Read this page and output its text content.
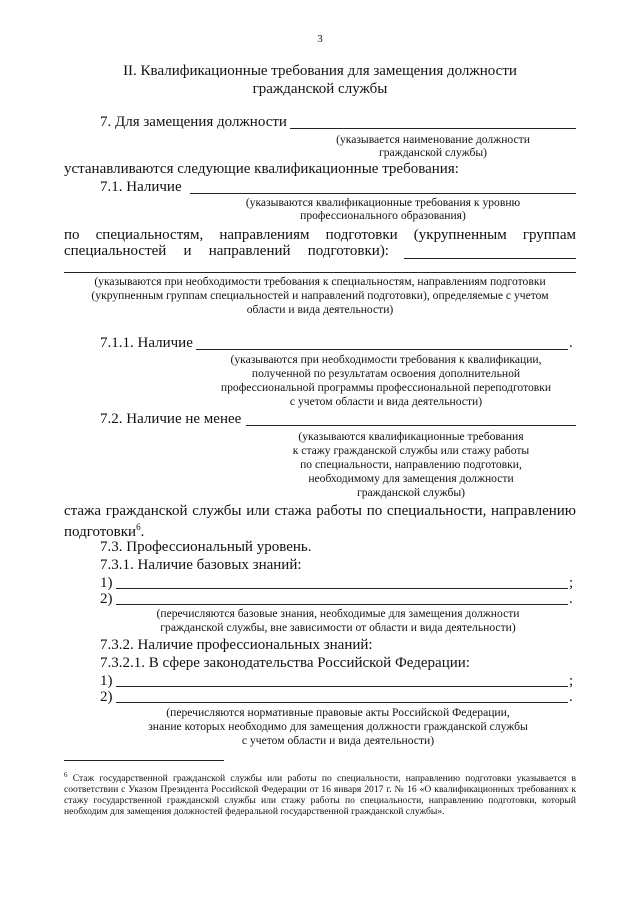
3
II. Квалификационные требования для замещения должности
гражданской службы
7. Для замещения должности
(указывается наименование должности
гражданской службы)
устанавливаются следующие квалификационные требования:
7.1. Наличие
(указываются квалификационные требования к уровню
профессионального образования)
по специальностям, направлениям подготовки (укрупненным группам
специальностей и направлений подготовки):
(указываются при необходимости требования к специальностям, направлениям подготовки
(укрупненным группам специальностей и направлений подготовки), определяемые с учетом
области и вида деятельности)
7.1.1. Наличие	.
(указываются при необходимости требования к квалификации,
полученной по результатам освоения дополнительной
профессиональной программы профессиональной переподготовки
с учетом области и вида деятельности)
7.2. Наличие не менее
(указываются квалификационные требования
к стажу гражданской службы или стажу работы
по специальности, направлению подготовки,
необходимому для замещения должности
гражданской службы)
стажа гражданской службы или стажа работы по специальности, направлению
подготовки$^6$.
7.3. Профессиональный уровень.
7.3.1. Наличие базовых знаний:
1)	;
2)	.
(перечисляются базовые знания, необходимые для замещения должности
гражданской службы, вне зависимости от области и вида деятельности)
7.3.2. Наличие профессиональных знаний:
7.3.2.1. В сфере законодательства Российской Федерации:
1)	;
2)	.
(перечисляются нормативные правовые акты Российской Федерации,
знание которых необходимо для замещения должности гражданской службы
с учетом области и вида деятельности)
$^6$ Стаж государственной гражданской службы или работы по специальности, направлению подготовки указывается в соответствии с Указом Президента Российской Федерации от 16 января 2017 г. № 16 «О квалификационных требованиях к стажу государственной гражданской службы или стажу работы по специальности, направлению подготовки, который необходим для замещения должностей федеральной государственной гражданской службы».
